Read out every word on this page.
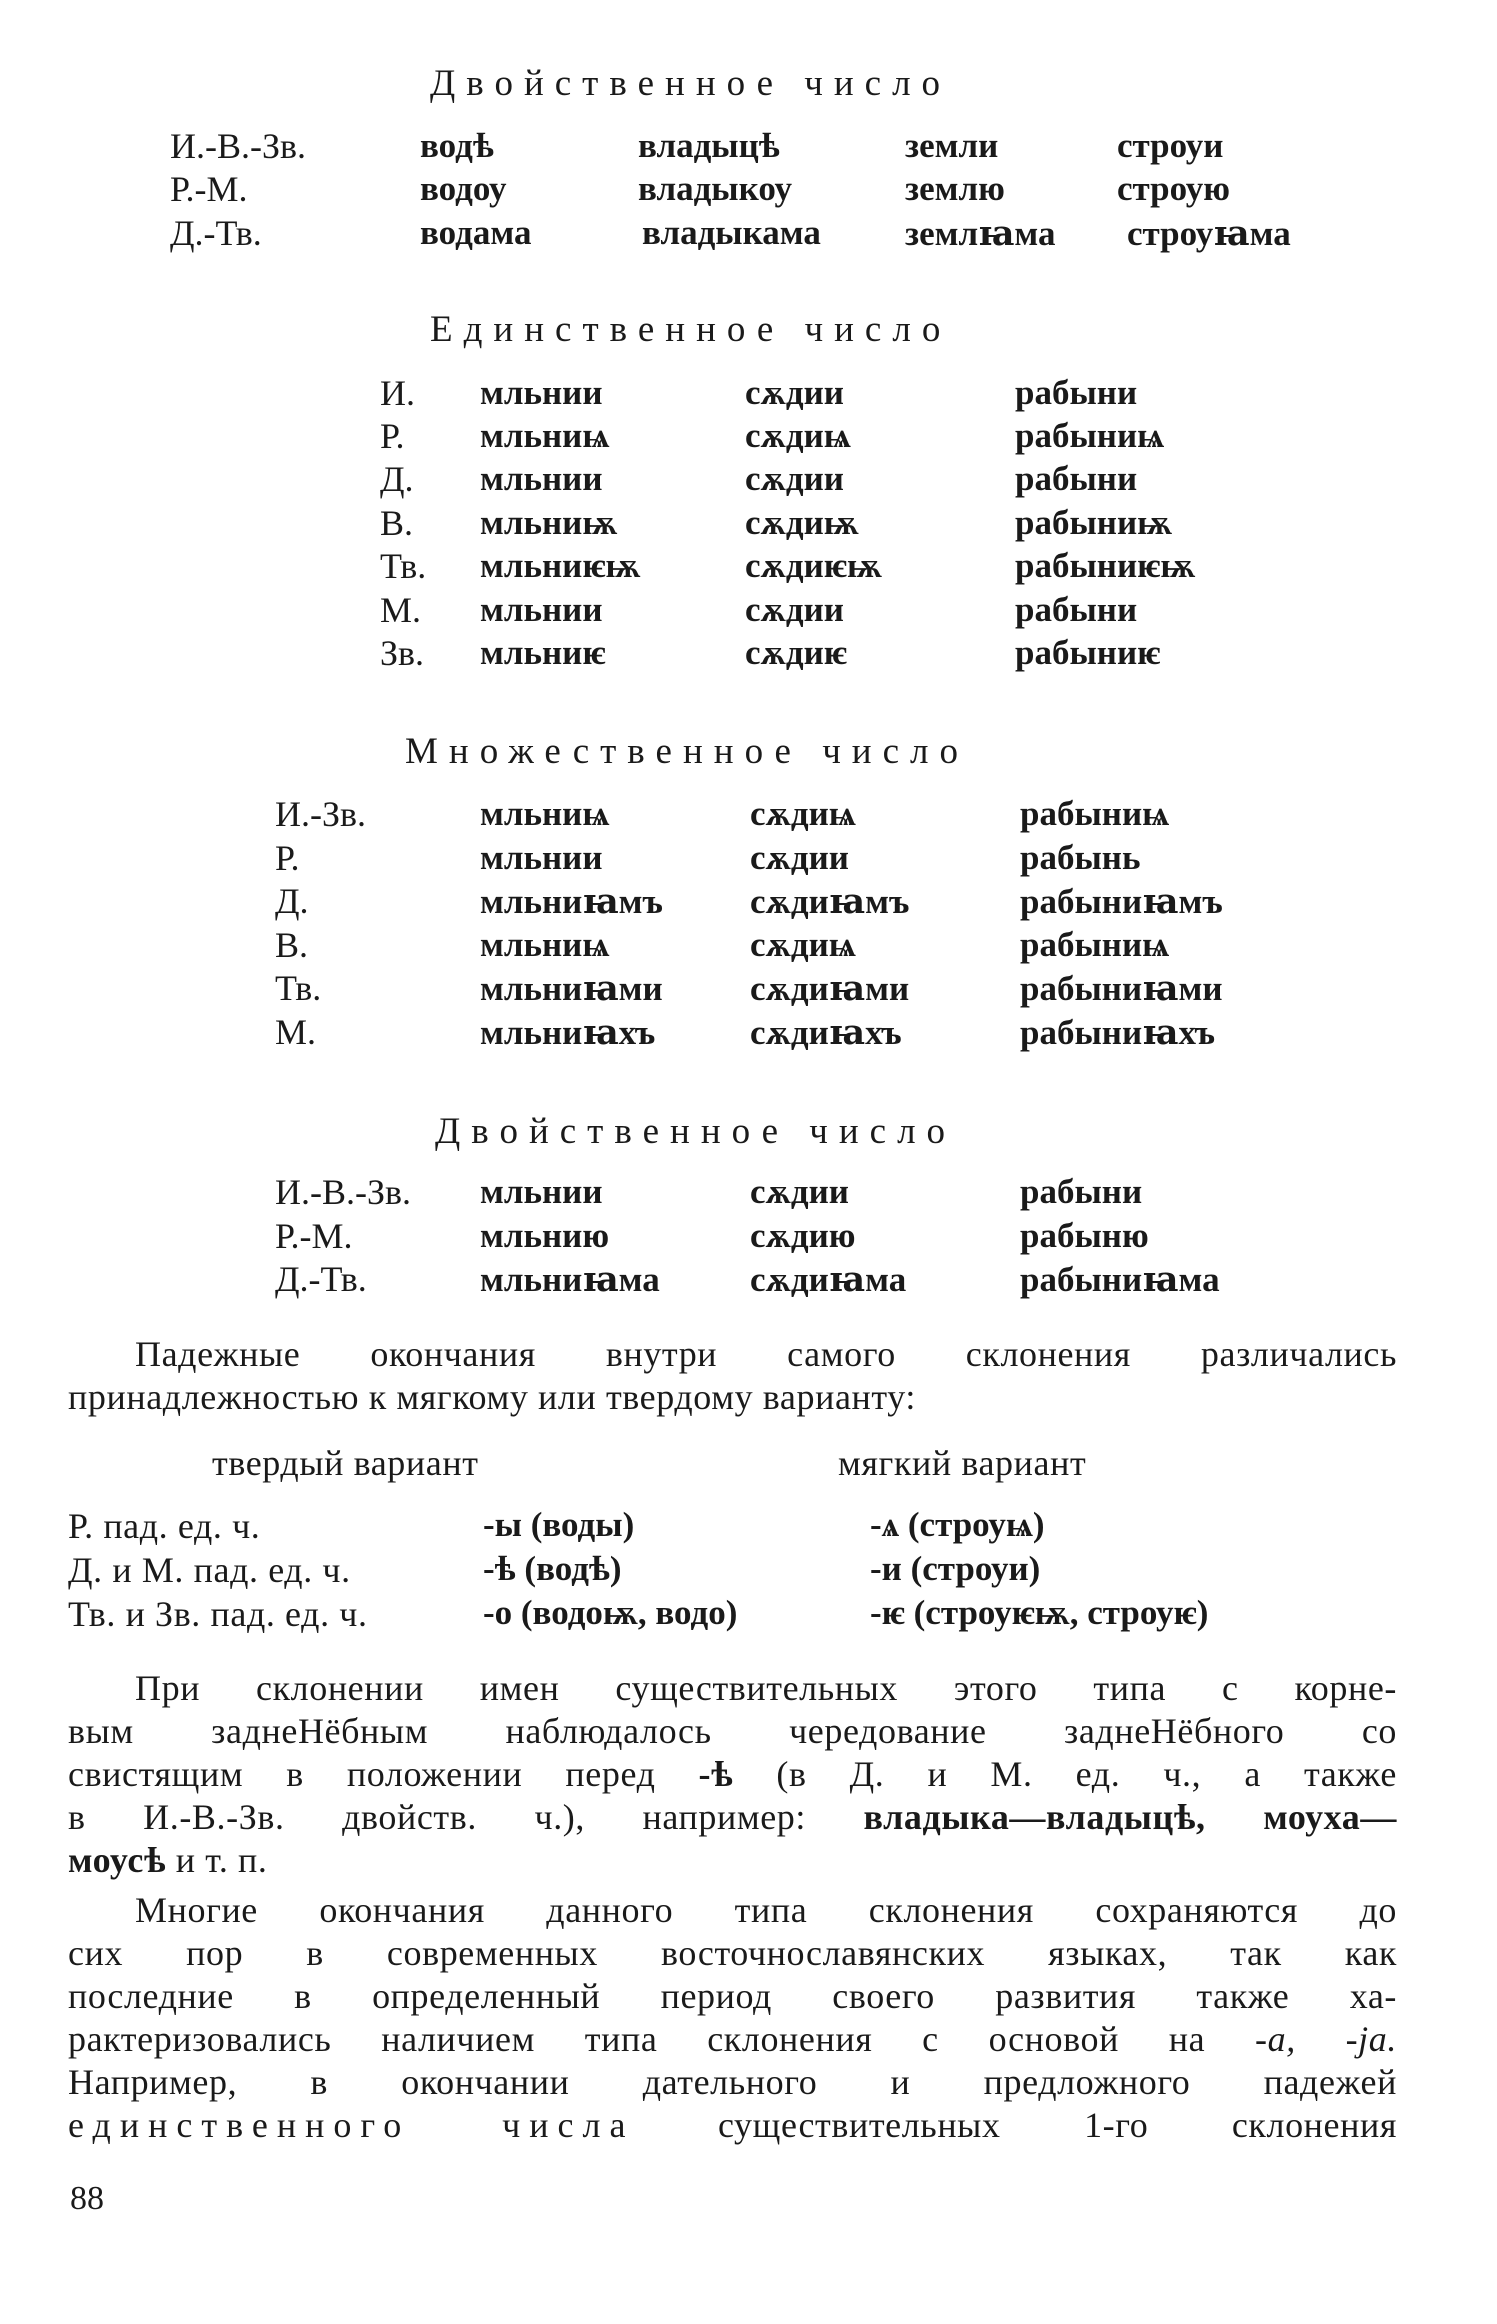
Двойственное число
И.-В.-Зв.	водѣ	владыцѣ	земли	строуи
Р.-М.	водоу	владыкоу	землю	строую
Д.-Тв.	водама	владыкама землꙗма строуꙗма
Единственное число
И. мльнии	сѫдии	рабыни
Р. мльниѩ	сѫдиѩ	рабыниѩ
Д. мльнии	сѫдии	рабыни
В. мльниѭ	сѫдиѭ	рабыниѭ
Тв. мльниѥѭ	сѫдиѥѭ	рабыниѥѭ
М. мльнии	сѫдии	рабыни
Зв. мльниѥ	сѫдиѥ	рабыниѥ
Множественное число
И.-Зв.	мльниѩ	сѫдиѩ	рабыниѩ
Р.	мльнии	сѫдии	рабынь
Д.	мльниꙗмъ сѫдиꙗмъ	рабыниꙗмъ
В.	мльниѩ	сѫдиѩ	рабыниѩ
Тв.	мльниꙗми сѫдиꙗми	рабыниꙗми
М.	мльниꙗхъ	сѫдиꙗхъ	рабыниꙗхъ
Двойственное число
И.-В.-Зв. мльнии	сѫдии	рабыни
Р.-М.	мльнию	сѫдию	рабыню
Д.-Тв.	мльниꙗма	сѫдиꙗма	рабыниꙗма
Падежные окончания внутри самого склонения различались
принадлежностью к мягкому или твердому варианту:
твердый вариант	мягкий вариант
Р. пад. ед. ч.	-ы (воды)	-ѧ (строуѩ)
Д. и М. пад. ед. ч.	-ѣ (водѣ)	-и (строуи)
Тв. и Зв. пад. ед. ч.	-о (водоѭ, водо)	-ѥ (строуѥѭ, строуѥ)
При склонении имен существительных этого типа с корне-
вым заднеНёбным наблюдалось чередование заднеНёбного со
свистящим в положении перед -ѣ (в Д. и М. ед. ч., а также
в И.-В.-Зв. двойств. ч.), например: владыка—владыцѣ, моуха—
моусѣ и т. п.
Многие окончания данного типа склонения сохраняются до
сих пор в современных восточнославянских языках, так как
последние в определенный период своего развития также ха-
рактеризовались наличием типа склонения с основой на -а, -ja.
Например, в окончании дательного и предложного падежей
единственного числа существительных 1-го склонения
88
